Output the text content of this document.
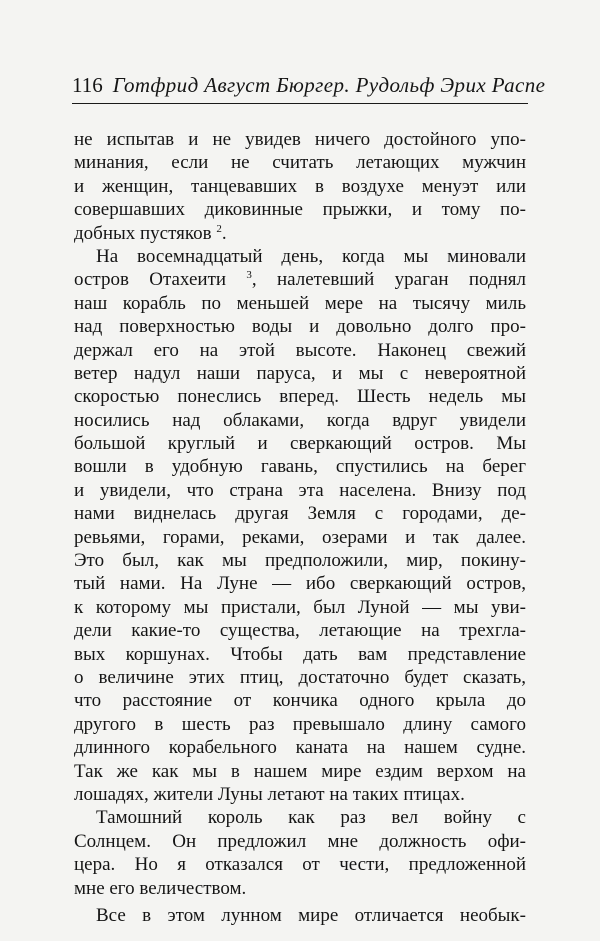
116 Готфрид Август Бюргер. Рудольф Эрих Распе
не испытав и не увидев ничего достойного упо-
минания, если не считать летающих мужчин
и женщин, танцевавших в воздухе менуэт или
совершавших диковинные прыжки, и тому по-
добных пустяков $^2$.
На восемнадцатый день, когда мы миновали
остров Отахеити $^3$, налетевший ураган поднял
наш корабль по меньшей мере на тысячу миль
над поверхностью воды и довольно долго про-
держал его на этой высоте. Наконец свежий
ветер надул наши паруса, и мы с невероятной
скоростью понеслись вперед. Шесть недель мы
носились над облаками, когда вдруг увидели
большой круглый и сверкающий остров. Мы
вошли в удобную гавань, спустились на берег
и увидели, что страна эта населена. Внизу под
нами виднелась другая Земля с городами, де-
ревьями, горами, реками, озерами и так далее.
Это был, как мы предположили, мир, покину-
тый нами. На Луне — ибо сверкающий остров,
к которому мы пристали, был Луной — мы уви-
дели какие-то существа, летающие на трехгла-
вых коршунах. Чтобы дать вам представление
о величине этих птиц, достаточно будет сказать,
что расстояние от кончика одного крыла до
другого в шесть раз превышало длину самого
длинного корабельного каната на нашем судне.
Так же как мы в нашем мире ездим верхом на
лошадях, жители Луны летают на таких птицах.
Тамошний король как раз вел войну с
Солнцем. Он предложил мне должность офи-
цера. Но я отказался от чести, предложенной
мне его величеством.
Все в этом лунном мире отличается необык-
